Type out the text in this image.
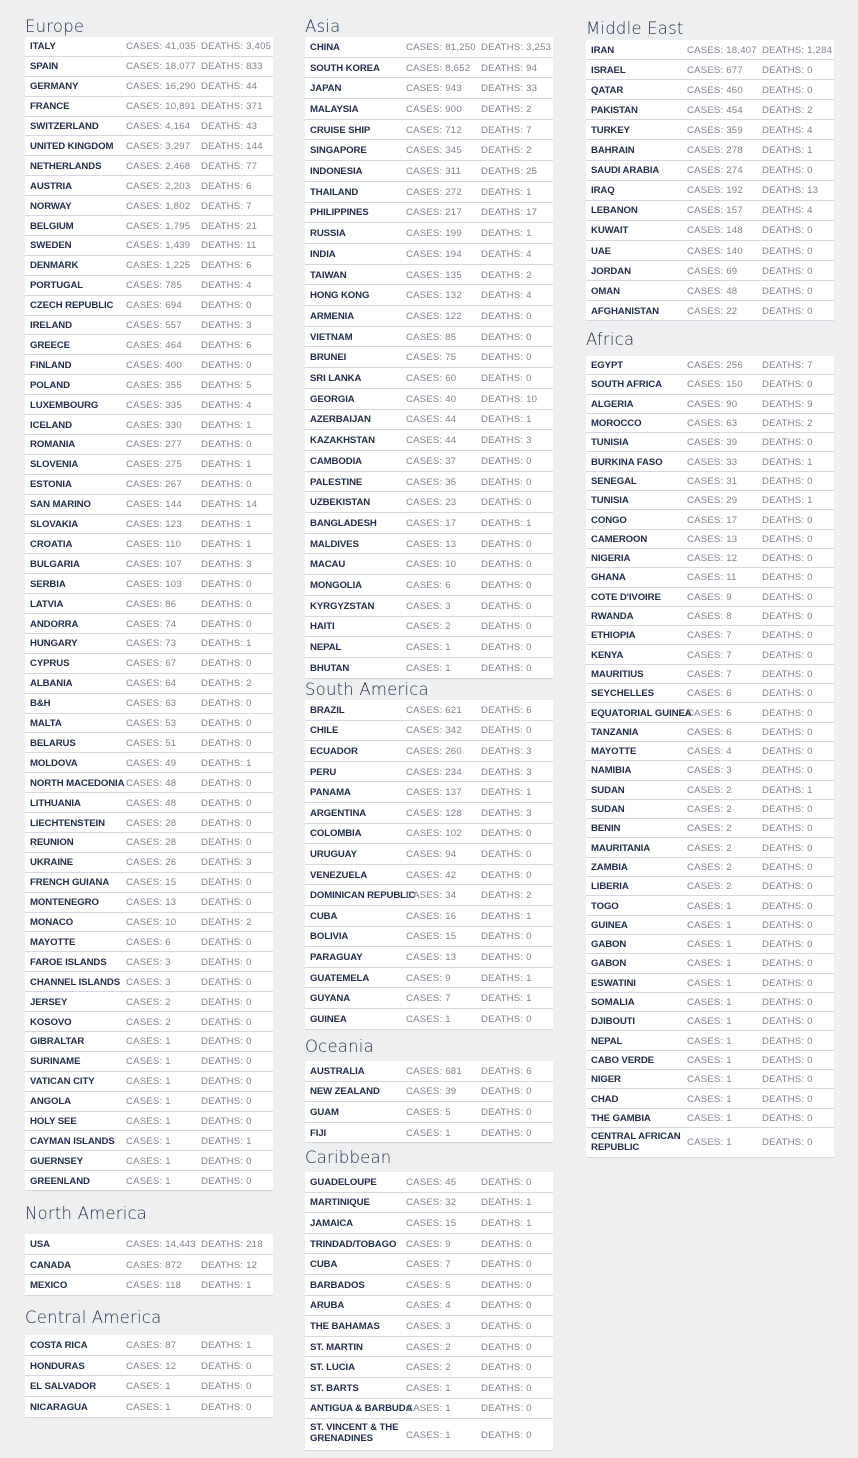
Europe
ITALY	CASES: 41,035 DEATHS: 3,405
SPAIN	CASES: 18,077 DEATHS: 833
GERMANY	CASES: 16,290 DEATHS: 44
FRANCE	CASES: 10,891 DEATHS: 371
SWITZERLAND	CASES: 4,164 DEATHS: 43
UNITED KINGDOM CASES: 3,297 DEATHS: 144
NETHERLANDS	CASES: 2,468 DEATHS: 77
AUSTRIA	CASES: 2,203 DEATHS: 6
NORWAY	CASES: 1,802 DEATHS: 7
BELGIUM	CASES: 1,795 DEATHS: 21
SWEDEN	CASES: 1,439 DEATHS: 11
DENMARK	CASES: 1,225 DEATHS: 6
PORTUGAL	CASES: 785 DEATHS: 4
CZECH REPUBLIC CASES: 694 DEATHS: 0
IRELAND	CASES: 557 DEATHS: 3
GREECE	CASES: 464 DEATHS: 6
FINLAND	CASES: 400 DEATHS: 0
POLAND	CASES: 355 DEATHS: 5
LUXEMBOURG	CASES: 335 DEATHS: 4
ICELAND	CASES: 330 DEATHS: 1
ROMANIA	CASES: 277 DEATHS: 0
SLOVENIA	CASES: 275 DEATHS: 1
ESTONIA	CASES: 267 DEATHS: 0
SAN MARINO	CASES: 144 DEATHS: 14
SLOVAKIA	CASES: 123 DEATHS: 1
CROATIA	CASES: 110 DEATHS: 1
BULGARIA	CASES: 107 DEATHS: 3
SERBIA	CASES: 103 DEATHS: 0
LATVIA	CASES: 86	DEATHS: 0
ANDORRA	CASES: 74	DEATHS: 0
HUNGARY	CASES: 73	DEATHS: 1
CYPRUS	CASES: 67	DEATHS: 0
ALBANIA	CASES: 64	DEATHS: 2
B&H	CASES: 63	DEATHS: 0
MALTA	CASES: 53	DEATHS: 0
BELARUS	CASES: 51	DEATHS: 0
MOLDOVA	CASES: 49	DEATHS: 1
NORTH MACEDONIA CASES: 48	DEATHS: 0
LITHUANIA	CASES: 48	DEATHS: 0
LIECHTENSTEIN CASES: 28	DEATHS: 0
REUNION	CASES: 28	DEATHS: 0
UKRAINE	CASES: 26	DEATHS: 3
FRENCH GUIANA CASES: 15	DEATHS: 0
MONTENEGRO	CASES: 13	DEATHS: 0
MONACO	CASES: 10	DEATHS: 2
MAYOTTE	CASES: 6	DEATHS: 0
FAROE ISLANDS CASES: 3	DEATHS: 0
CHANNEL ISLANDS CASES: 3	DEATHS: 0
JERSEY	CASES: 2	DEATHS: 0
KOSOVO	CASES: 2	DEATHS: 0
GIBRALTAR	CASES: 1	DEATHS: 0
SURINAME	CASES: 1	DEATHS: 0
VATICAN CITY	CASES: 1	DEATHS: 0
ANGOLA	CASES: 1	DEATHS: 0
HOLY SEE	CASES: 1	DEATHS: 0
CAYMAN ISLANDS CASES: 1	DEATHS: 1
GUERNSEY	CASES: 1	DEATHS: 0
GREENLAND	CASES: 1	DEATHS: 0
North America
USA	CASES: 14,443 DEATHS: 218
CANADA	CASES: 872 DEATHS: 12
MEXICO	CASES: 118 DEATHS: 1
Central America
COSTA RICA	CASES: 87	DEATHS: 1
HONDURAS	CASES: 12	DEATHS: 0
EL SALVADOR	CASES: 1	DEATHS: 0
NICARAGUA	CASES: 1	DEATHS: 0
Asia
CHINA	CASES: 81,250 DEATHS: 3,253
SOUTH KOREA	CASES: 8,652 DEATHS: 94
JAPAN	CASES: 943 DEATHS: 33
MALAYSIA	CASES: 900 DEATHS: 2
CRUISE SHIP	CASES: 712 DEATHS: 7
SINGAPORE	CASES: 345 DEATHS: 2
INDONESIA	CASES: 311 DEATHS: 25
THAILAND	CASES: 272 DEATHS: 1
PHILIPPINES	CASES: 217 DEATHS: 17
RUSSIA	CASES: 199 DEATHS: 1
INDIA	CASES: 194 DEATHS: 4
TAIWAN	CASES: 135 DEATHS: 2
HONG KONG	CASES: 132 DEATHS: 4
ARMENIA	CASES: 122 DEATHS: 0
VIETNAM	CASES: 85	DEATHS: 0
BRUNEI	CASES: 75	DEATHS: 0
SRI LANKA	CASES: 60	DEATHS: 0
GEORGIA	CASES: 40	DEATHS: 10
AZERBAIJAN	CASES: 44	DEATHS: 1
KAZAKHSTAN	CASES: 44	DEATHS: 3
CAMBODIA	CASES: 37	DEATHS: 0
PALESTINE	CASES: 35	DEATHS: 0
UZBEKISTAN	CASES: 23	DEATHS: 0
BANGLADESH	CASES: 17	DEATHS: 1
MALDIVES	CASES: 13	DEATHS: 0
MACAU	CASES: 10	DEATHS: 0
MONGOLIA	CASES: 6	DEATHS: 0
KYRGYZSTAN	CASES: 3	DEATHS: 0
HAITI	CASES: 2	DEATHS: 0
NEPAL	CASES: 1	DEATHS: 0
BHUTAN	CASES: 1	DEATHS: 0
South America
BRAZIL	CASES: 621 DEATHS: 6
CHILE	CASES: 342 DEATHS: 0
ECUADOR	CASES: 260 DEATHS: 3
PERU	CASES: 234 DEATHS: 3
PANAMA	CASES: 137 DEATHS: 1
ARGENTINA	CASES: 128 DEATHS: 3
COLOMBIA	CASES: 102 DEATHS: 0
URUGUAY	CASES: 94	DEATHS: 0
VENEZUELA	CASES: 42	DEATHS: 0
DOMINICAN REPUBLIC
CASES: 34	DEATHS: 2
CUBA	CASES: 16	DEATHS: 1
BOLIVIA	CASES: 15	DEATHS: 0
PARAGUAY	CASES: 13	DEATHS: 0
GUATEMELA	CASES: 9	DEATHS: 1
GUYANA	CASES: 7	DEATHS: 1
GUINEA	CASES: 1	DEATHS: 0
Oceania
AUSTRALIA	CASES: 681 DEATHS: 6
NEW ZEALAND	CASES: 39	DEATHS: 0
GUAM	CASES: 5	DEATHS: 0
FIJI	CASES: 1	DEATHS: 0
Caribbean
GUADELOUPE	CASES: 45	DEATHS: 0
MARTINIQUE	CASES: 32	DEATHS: 1
JAMAICA	CASES: 15	DEATHS: 1
TRINDAD/TOBAGO CASES: 9	DEATHS: 0
CUBA	CASES: 7	DEATHS: 0
BARBADOS	CASES: 5	DEATHS: 0
ARUBA	CASES: 4	DEATHS: 0
THE BAHAMAS	CASES: 3	DEATHS: 0
ST. MARTIN	CASES: 2	DEATHS: 0
ST. LUCIA	CASES: 2	DEATHS: 0
ST. BARTS	CASES: 1	DEATHS: 0
ANTIGUA & BARBUDA
CASES: 1	DEATHS: 0
ST. VINCENT & THE GRENADINES	CASES: 1	DEATHS: 0
Middle East
IRAN	CASES: 18,407 DEATHS: 1,284
ISRAEL	CASES: 677 DEATHS: 0
QATAR	CASES: 460 DEATHS: 0
PAKISTAN	CASES: 454 DEATHS: 2
TURKEY	CASES: 359 DEATHS: 4
BAHRAIN	CASES: 278 DEATHS: 1
SAUDI ARABIA	CASES: 274 DEATHS: 0
IRAQ	CASES: 192 DEATHS: 13
LEBANON	CASES: 157 DEATHS: 4
KUWAIT	CASES: 148 DEATHS: 0
UAE	CASES: 140 DEATHS: 0
JORDAN	CASES: 69	DEATHS: 0
OMAN	CASES: 48	DEATHS: 0
AFGHANISTAN	CASES: 22	DEATHS: 0
Africa
EGYPT	CASES: 256 DEATHS: 7
SOUTH AFRICA	CASES: 150 DEATHS: 0
ALGERIA	CASES: 90	DEATHS: 9
MOROCCO	CASES: 63	DEATHS: 2
TUNISIA	CASES: 39	DEATHS: 0
BURKINA FASO	CASES: 33	DEATHS: 1
SENEGAL	CASES: 31	DEATHS: 0
TUNISIA	CASES: 29	DEATHS: 1
CONGO	CASES: 17	DEATHS: 0
CAMEROON	CASES: 13	DEATHS: 0
NIGERIA	CASES: 12	DEATHS: 0
GHANA	CASES: 11	DEATHS: 0
COTE D'IVOIRE	CASES: 9	DEATHS: 0
RWANDA	CASES: 8	DEATHS: 0
ETHIOPIA	CASES: 7	DEATHS: 0
KENYA	CASES: 7	DEATHS: 0
MAURITIUS	CASES: 7	DEATHS: 0
SEYCHELLES	CASES: 6	DEATHS: 0
EQUATORIAL GUINEA
CASES: 6	DEATHS: 0
TANZANIA	CASES: 6	DEATHS: 0
MAYOTTE	CASES: 4	DEATHS: 0
NAMIBIA	CASES: 3	DEATHS: 0
SUDAN	CASES: 2	DEATHS: 1
SUDAN	CASES: 2	DEATHS: 0
BENIN	CASES: 2	DEATHS: 0
MAURITANIA	CASES: 2	DEATHS: 0
ZAMBIA	CASES: 2	DEATHS: 0
LIBERIA	CASES: 2	DEATHS: 0
TOGO	CASES: 1	DEATHS: 0
GUINEA	CASES: 1	DEATHS: 0
GABON	CASES: 1	DEATHS: 0
GABON	CASES: 1	DEATHS: 0
ESWATINI	CASES: 1	DEATHS: 0
SOMALIA	CASES: 1	DEATHS: 0
DJIBOUTI	CASES: 1	DEATHS: 0
NEPAL	CASES: 1	DEATHS: 0
CABO VERDE	CASES: 1	DEATHS: 0
NIGER	CASES: 1	DEATHS: 0
CHAD	CASES: 1	DEATHS: 0
THE GAMBIA	CASES: 1	DEATHS: 0
CENTRAL AFRICAN REPUBLIC	CASES: 1	DEATHS: 0
